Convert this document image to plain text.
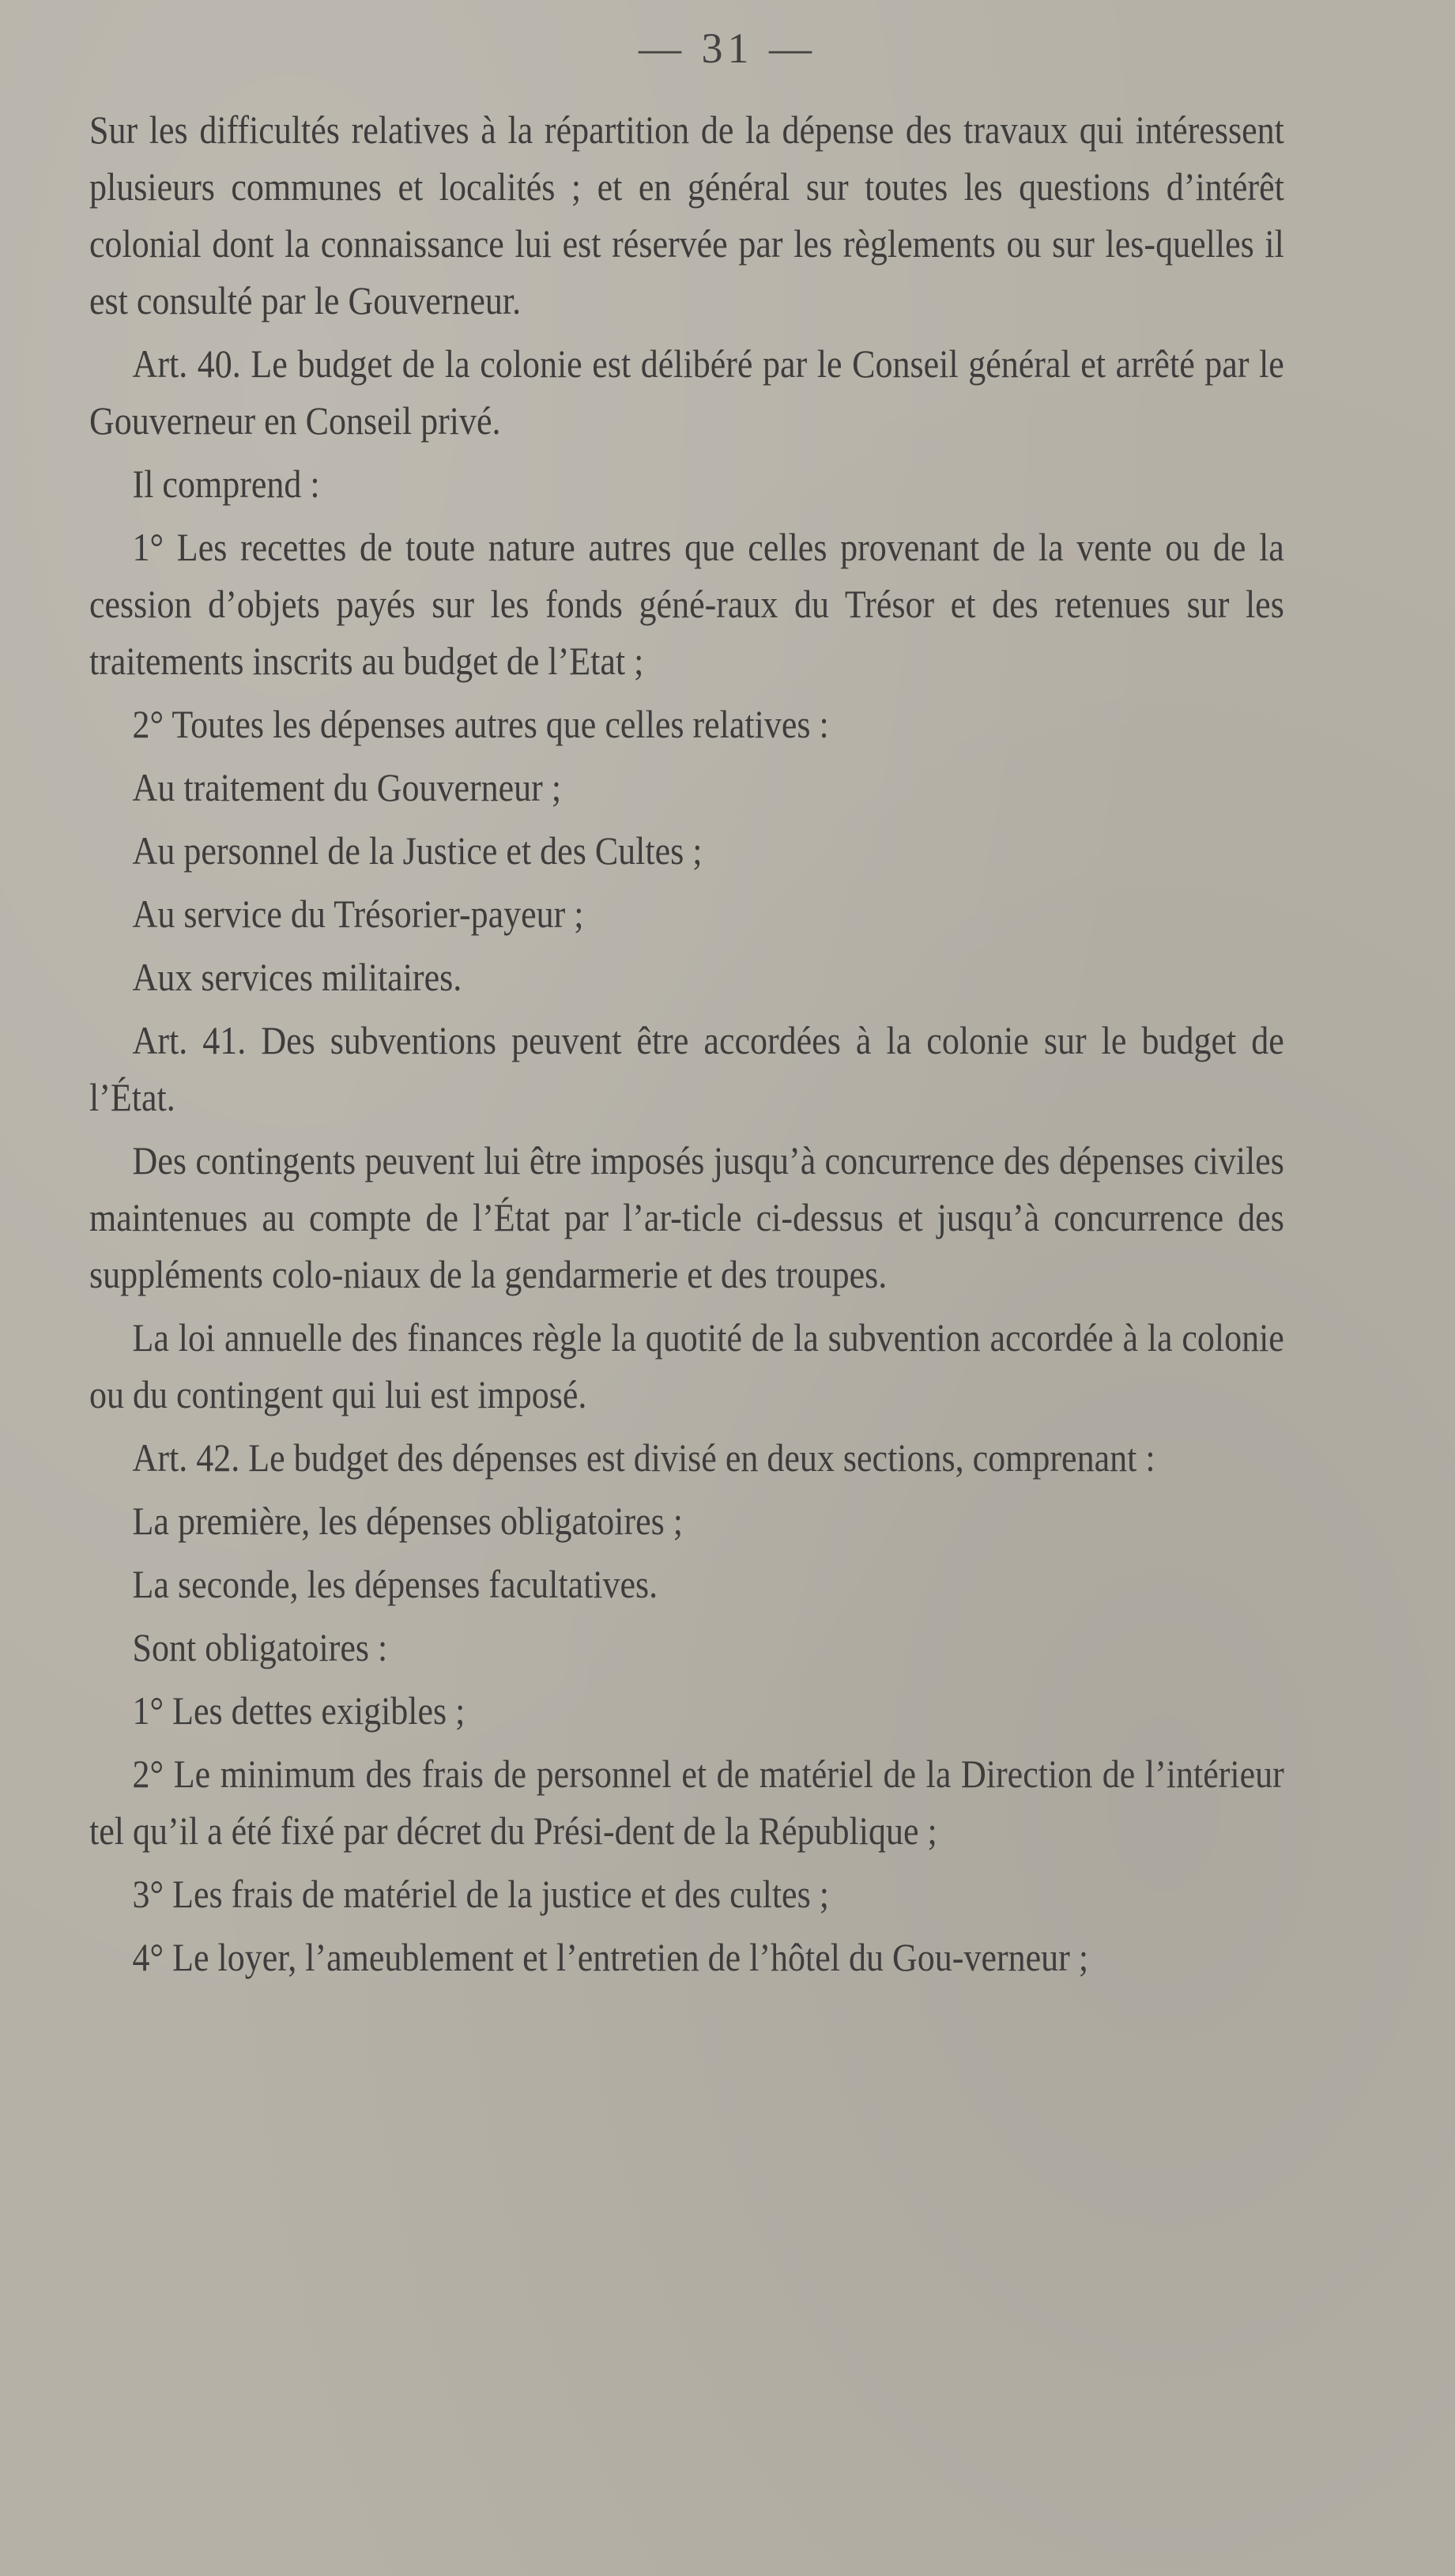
— 31 —

Sur les difficultés relatives à la répartition de la dépense des travaux qui intéressent plusieurs communes et localités ; et en général sur toutes les questions d’intérêt colonial dont la connaissance lui est réservée par les règlements ou sur les-quelles il est consulté par le Gouverneur.

Art. 40. Le budget de la colonie est délibéré par le Conseil général et arrêté par le Gouverneur en Conseil privé.

Il comprend :

1° Les recettes de toute nature autres que celles provenant de la vente ou de la cession d’objets payés sur les fonds géné-raux du Trésor et des retenues sur les traitements inscrits au budget de l’Etat ;

2° Toutes les dépenses autres que celles relatives :

Au traitement du Gouverneur ;

Au personnel de la Justice et des Cultes ;

Au service du Trésorier-payeur ;

Aux services militaires.

Art. 41. Des subventions peuvent être accordées à la colonie sur le budget de l’État.

Des contingents peuvent lui être imposés jusqu’à concurrence des dépenses civiles maintenues au compte de l’État par l’ar-ticle ci-dessus et jusqu’à concurrence des suppléments colo-niaux de la gendarmerie et des troupes.

La loi annuelle des finances règle la quotité de la subvention accordée à la colonie ou du contingent qui lui est imposé.

Art. 42. Le budget des dépenses est divisé en deux sections, comprenant :

La première, les dépenses obligatoires ;

La seconde, les dépenses facultatives.

Sont obligatoires :

1° Les dettes exigibles ;

2° Le minimum des frais de personnel et de matériel de la Direction de l’intérieur tel qu’il a été fixé par décret du Prési-dent de la République ;

3° Les frais de matériel de la justice et des cultes ;

4° Le loyer, l’ameublement et l’entretien de l’hôtel du Gou-verneur ;
